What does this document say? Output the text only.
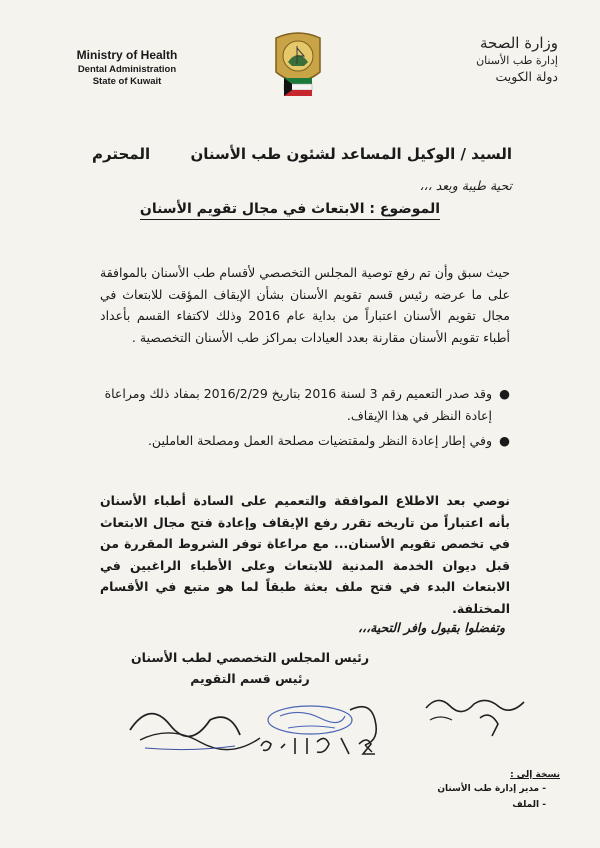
Ministry of Health
Dental Administration
State of Kuwait
وزارة الصحة
إدارة طب الأسنان
دولة الكويت
السيد / الوكيل المساعد لشئون طب الأسنان
المحترم
تحية طيبة وبعد ،،،
الموضوع : الابتعاث في مجال تقويم الأسنان
حيث سبق وأن تم رفع توصية المجلس التخصصي لأقسام طب الأسنان بالموافقة على ما عرضه رئيس قسم تقويم الأسنان بشأن الإيقاف المؤقت للابتعاث في مجال تقويم الأسنان اعتباراً من بداية عام 2016 وذلك لاكتفاء القسم بأعداد أطباء تقويم الأسنان مقارنة بعدد العيادات بمراكز طب الأسنان التخصصية .
●
وقد صدر التعميم رقم 3 لسنة 2016 بتاريخ 2016/2/29 بمفاد ذلك ومراعاة إعادة النظر في هذا الإيقاف.
●
وفي إطار إعادة النظر ولمقتضيات مصلحة العمل ومصلحة العاملين.
نوصي بعد الاطلاع الموافقة والتعميم على السادة أطباء الأسنان بأنه اعتباراً من تاريخه تقرر رفع الإيقاف وإعادة فتح مجال الابتعاث في تخصص تقويم الأسنان... مع مراعاة توفر الشروط المقررة من قبل ديوان الخدمة المدنية للابتعاث وعلى الأطباء الراغبين في الابتعاث البدء في فتح ملف بعثة طبقاً لما هو متبع في الأقسام المختلفة.
وتفضلوا بقبول وافر التحية،،،
رئيس المجلس التخصصي لطب الأسنان
رئيس قسم التقويم
نسخة إلى :
- مدير إدارة طب الأسنان
- الملف
